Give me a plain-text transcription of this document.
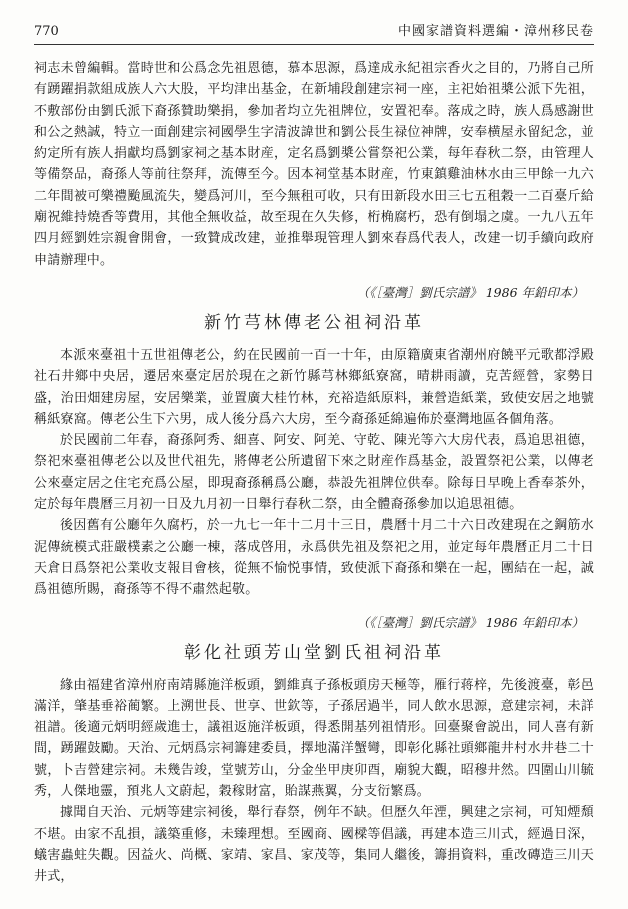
770	中國家譜資料選編・漳州移民卷

祠志未曾編輯。當時世和公爲念先祖恩德，慕本思源，爲達成永紀祖宗香火之目的，乃將自己所有踴躍捐款組成族人六大股，平均津出基金，在新埔段創建宗祠一座，主祀始祖槳公派下先祖，不敷部份由劉氏派下裔孫贊助樂捐，參加者均立先祖牌位，安置祀奉。落成之時，族人爲感謝世和公之熱誠，特立一面創建宗祠國學生字清波諱世和劉公長生禄位神牌，安奉横屋永留紀念，並約定所有族人捐獻均爲劉家祠之基本財産，定名爲劉槳公嘗祭祀公業，每年春秋二祭，由管理人等備祭品，裔孫人等前往祭拜，流傳至今。因本祠堂基本財産，竹東鎮雞油林水由三甲餘一九六二年間被可樂禮颱風流失，變爲河川，至今無租可收，只有田新段水田三七五租穀一二百臺斤給廟祝維持燒香等費用，其他全無收益，故至現在久失修，桁桷腐朽，恐有倒塌之虞。一九八五年四月經劉姓宗親會開會，一致贊成改建，並推舉現管理人劉來春爲代表人，改建一切手續向政府申請辦理中。

（《［臺灣］劉氏宗譜》 1986 年鉛印本）
新竹芎林傳老公祖祠沿革

本派來臺祖十五世祖傳老公，約在民國前一百一十年，由原籍廣東省潮州府饒平元歌都浮殿社石井鄉中央居，遷居來臺定居於現在之新竹縣芎林鄉紙寮窩，晴耕雨讀，克苦經營，家勢日盛，治田畑建房屋，安居樂業，並置廣大桂竹林，充裕造紙原料，兼營造紙業，致使安居之地號稱紙寮窩。傳老公生下六男，成人後分爲六大房，至今裔孫延綿遍佈於臺灣地區各個角落。

於民國前二年春，裔孫阿秀、細喜、阿安、阿羌、守乾、陳光等六大房代表，爲追思祖德，祭祀來臺祖傳老公以及世代祖先，將傳老公所遺留下來之財産作爲基金，設置祭祀公業，以傳老公來臺定居之住宅充爲公屋，即現裔孫稱爲公廳，恭設先祖牌位供奉。除每日早晚上香奉茶外，定於每年農曆三月初一日及九月初一日舉行春秋二祭，由全體裔孫參加以追思祖德。

後因舊有公廳年久腐朽，於一九七一年十二月十三日，農曆十月二十六日改建現在之鋼筋水泥傳統模式莊嚴樸素之公廳一棟，落成啓用，永爲供先祖及祭祀之用，並定每年農曆正月二十日天倉日爲祭祀公業收支報目會核，從無不愉悦事情，致使派下裔孫和樂在一起，團結在一起，誠爲祖德所賜，裔孫等不得不肅然起敬。

（《［臺灣］劉氏宗譜》 1986 年鉛印本）
彰化社頭芳山堂劉氏祖祠沿革

緣由福建省漳州府南靖縣施洋板頭，劉維真子孫板頭房天極等，雁行蒋梓，先後渡臺，彰邑滿洋，肇基垂裕蔺繁。上溯世長、世享、世欽等，子孫居過半，同人飲水思源，意建宗祠，未詳祖譜。後適元炳明經歲進士，議祖返施洋板頭，得悉開基列祖情形。回臺聚會説出，同人喜有新間，踴躍鼓勵。天治、元炳爲宗祠籌建委員，擇地滿洋蟹彎，即彰化縣社頭鄉龍井村水井巷二十號，卜吉營建宗祠。未幾告竣，堂號芳山，分金坐甲庚卯酉，廟貌大觀，昭穆井然。四圍山川毓秀，人傑地靈，預兆人文蔚起，穀稼財富，貽謀燕翼，分支衍繁爲。

據聞自天治、元炳等建宗祠後，舉行春祭，例年不缺。但歷久年湮，興建之宗祠，可知煙頹不堪。由家不乱損，議築重修，未臻理想。至國商、國樑等倡議，再建本造三川式，經過日深，蟻害蟲蛀失觀。因益火、尚概、家靖、家昌、家茂等，集同人繼後，籌捐資料，重改磚造三川天井式，
